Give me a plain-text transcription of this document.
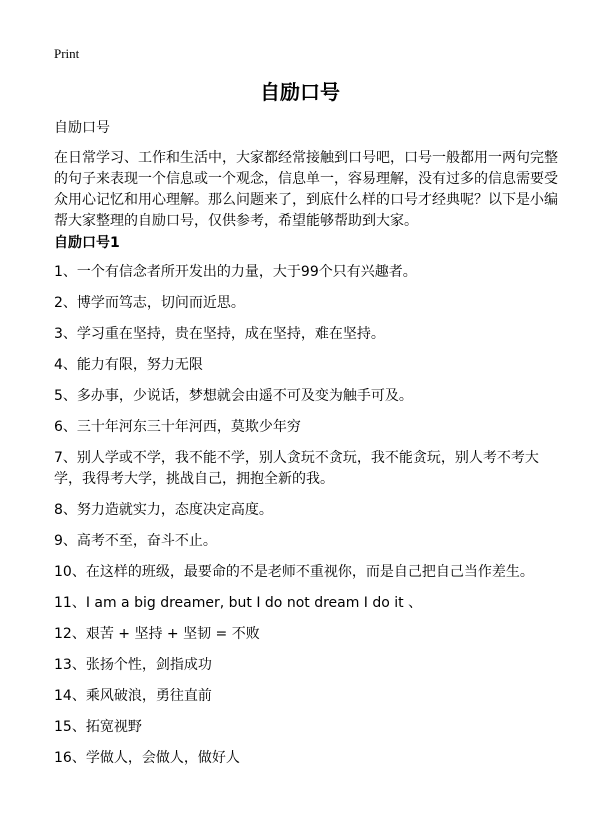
Print
自励口号
自励口号

在日常学习、工作和生活中，大家都经常接触到口号吧，口号一般都用一两句完整的句子来表现一个信息或一个观念，信息单一，容易理解，没有过多的信息需要受众用心记忆和用心理解。那么问题来了，到底什么样的口号才经典呢？以下是小编帮大家整理的自励口号，仅供参考，希望能够帮助到大家。

自励口号1
1、一个有信念者所开发出的力量，大于99个只有兴趣者。
2、博学而笃志，切问而近思。
3、学习重在坚持，贵在坚持，成在坚持，难在坚持。
4、能力有限，努力无限
5、多办事，少说话，梦想就会由遥不可及变为触手可及。
6、三十年河东三十年河西，莫欺少年穷
7、别人学或不学，我不能不学，别人贪玩不贪玩，我不能贪玩，别人考不考大学，我得考大学，挑战自己，拥抱全新的我。
8、努力造就实力，态度决定高度。
9、高考不至，奋斗不止。
10、在这样的班级，最要命的不是老师不重视你，而是自己把自己当作差生。
11、I am a big dreamer, but I do not dream I do it 、
12、艰苦 + 坚持 + 坚韧 = 不败
13、张扬个性，剑指成功
14、乘风破浪，勇往直前
15、拓宽视野
16、学做人，会做人，做好人
